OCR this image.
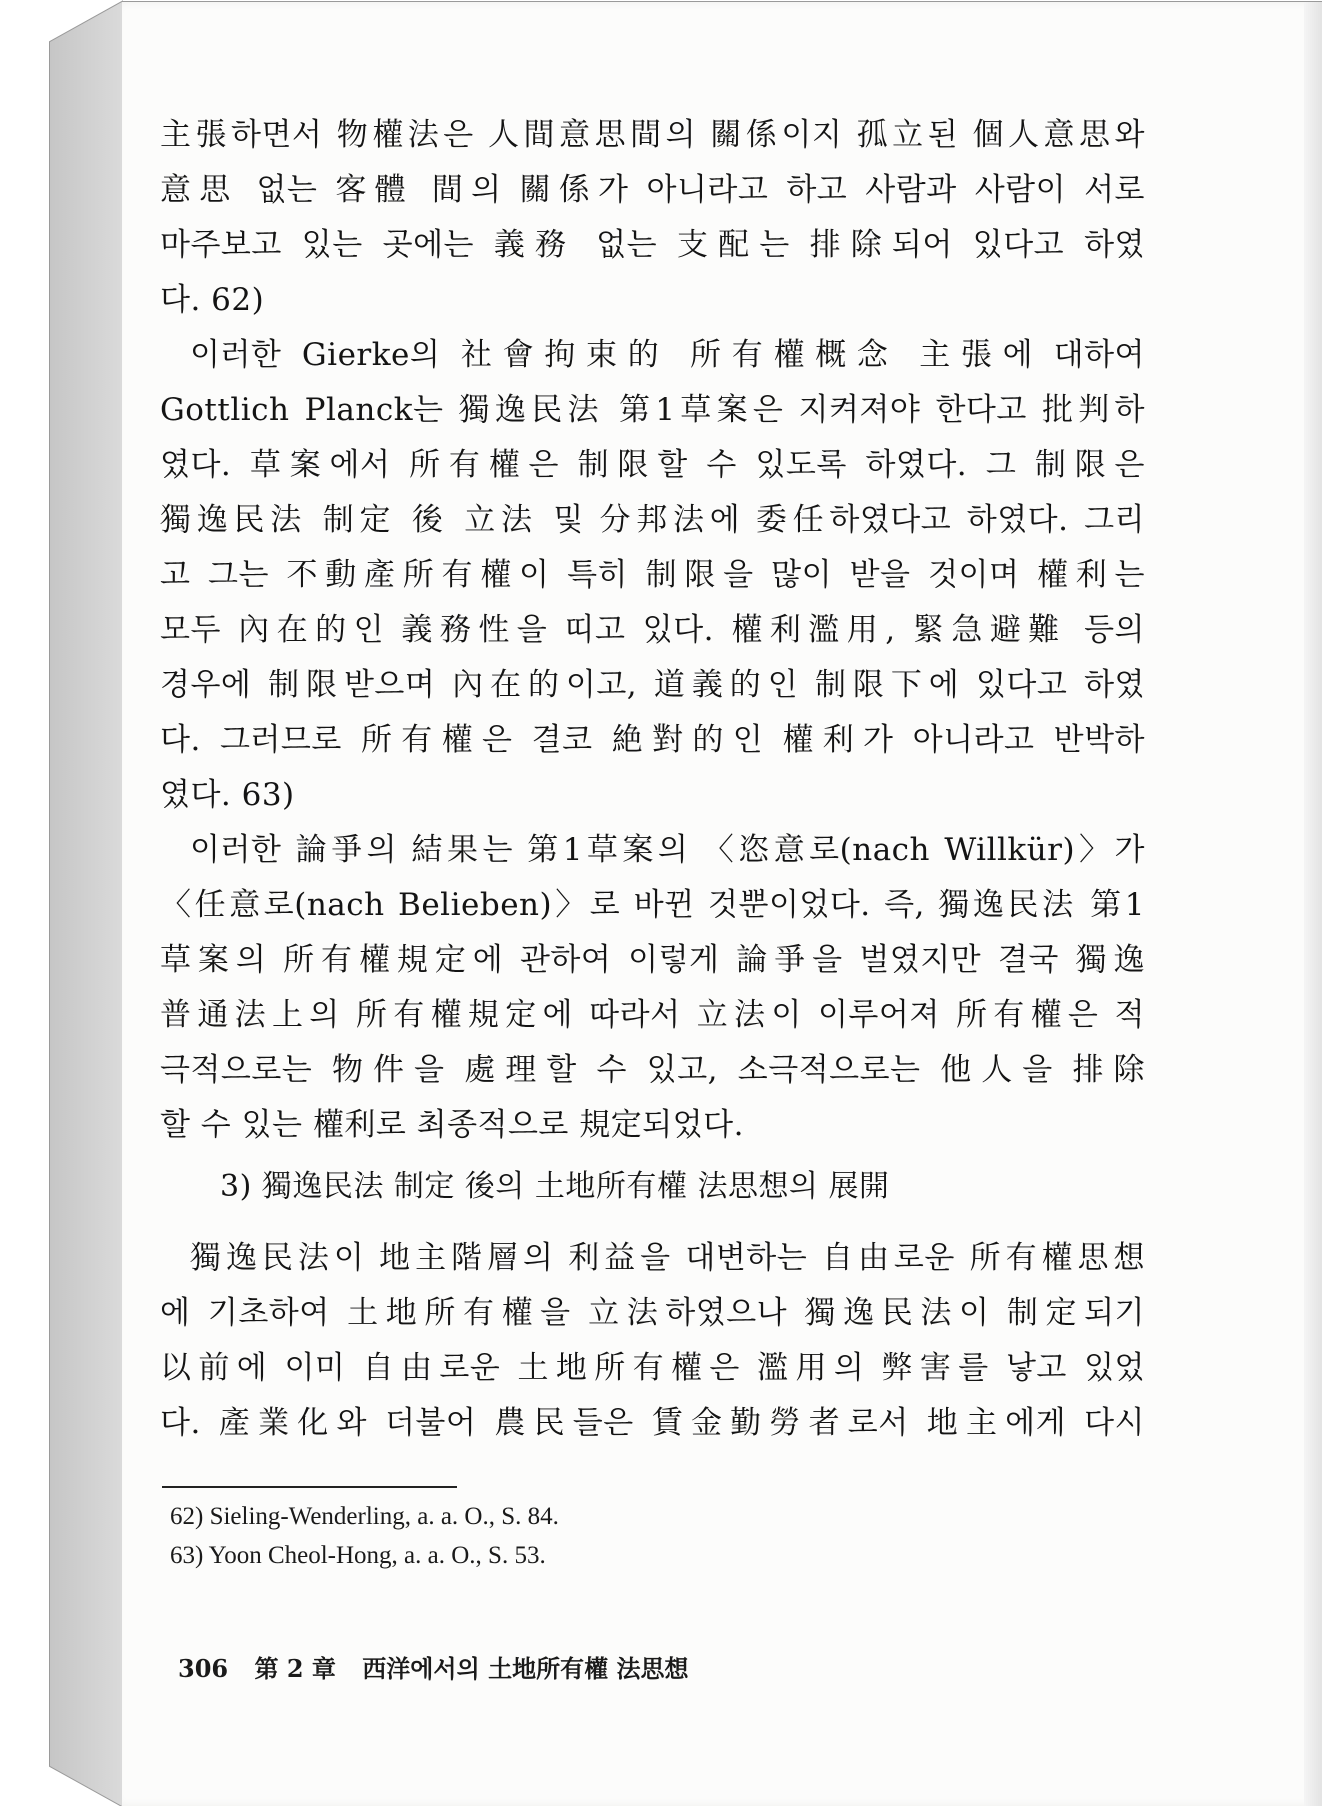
主張하면서 物權法은 人間意思間의 關係이지 孤立된 個人意思와
意思 없는 客體 間의 關係가 아니라고 하고 사람과 사람이 서로
마주보고 있는 곳에는 義務 없는 支配는 排除되어 있다고 하였
다. 62)
이러한 Gierke의 社會拘束的 所有權概念 主張에 대하여
Gottlich Planck는 獨逸民法 第1草案은 지켜져야 한다고 批判하
였다. 草案에서 所有權은 制限할 수 있도록 하였다. 그 制限은
獨逸民法 制定 後 立法 및 分邦法에 委任하였다고 하였다. 그리
고 그는 不動產所有權이 특히 制限을 많이 받을 것이며 權利는
모두 內在的인 義務性을 띠고 있다. 權利濫用, 緊急避難 등의
경우에 制限받으며 內在的이고, 道義的인 制限下에 있다고 하였
다. 그러므로 所有權은 결코 絶對的인 權利가 아니라고 반박하
였다. 63)
이러한 論爭의 結果는 第1草案의 〈恣意로(nach Willkür)〉가
〈任意로(nach Belieben)〉로 바뀐 것뿐이었다. 즉, 獨逸民法 第1
草案의 所有權規定에 관하여 이렇게 論爭을 벌였지만 결국 獨逸
普通法上의 所有權規定에 따라서 立法이 이루어져 所有權은 적
극적으로는 物件을 處理할 수 있고, 소극적으로는 他人을 排除
할 수 있는 權利로 최종적으로 規定되었다.
3) 獨逸民法 制定 後의 土地所有權 法思想의 展開
獨逸民法이 地主階層의 利益을 대변하는 自由로운 所有權思想
에 기초하여 土地所有權을 立法하였으나 獨逸民法이 制定되기
以前에 이미 自由로운 土地所有權은 濫用의 弊害를 낳고 있었
다. 產業化와 더불어 農民들은 賃金勤勞者로서 地主에게 다시
62) Sieling-Wenderling, a. a. O., S. 84.
63) Yoon Cheol-Hong, a. a. O., S. 53.
306 第 2 章 西洋에서의 土地所有權 法思想
